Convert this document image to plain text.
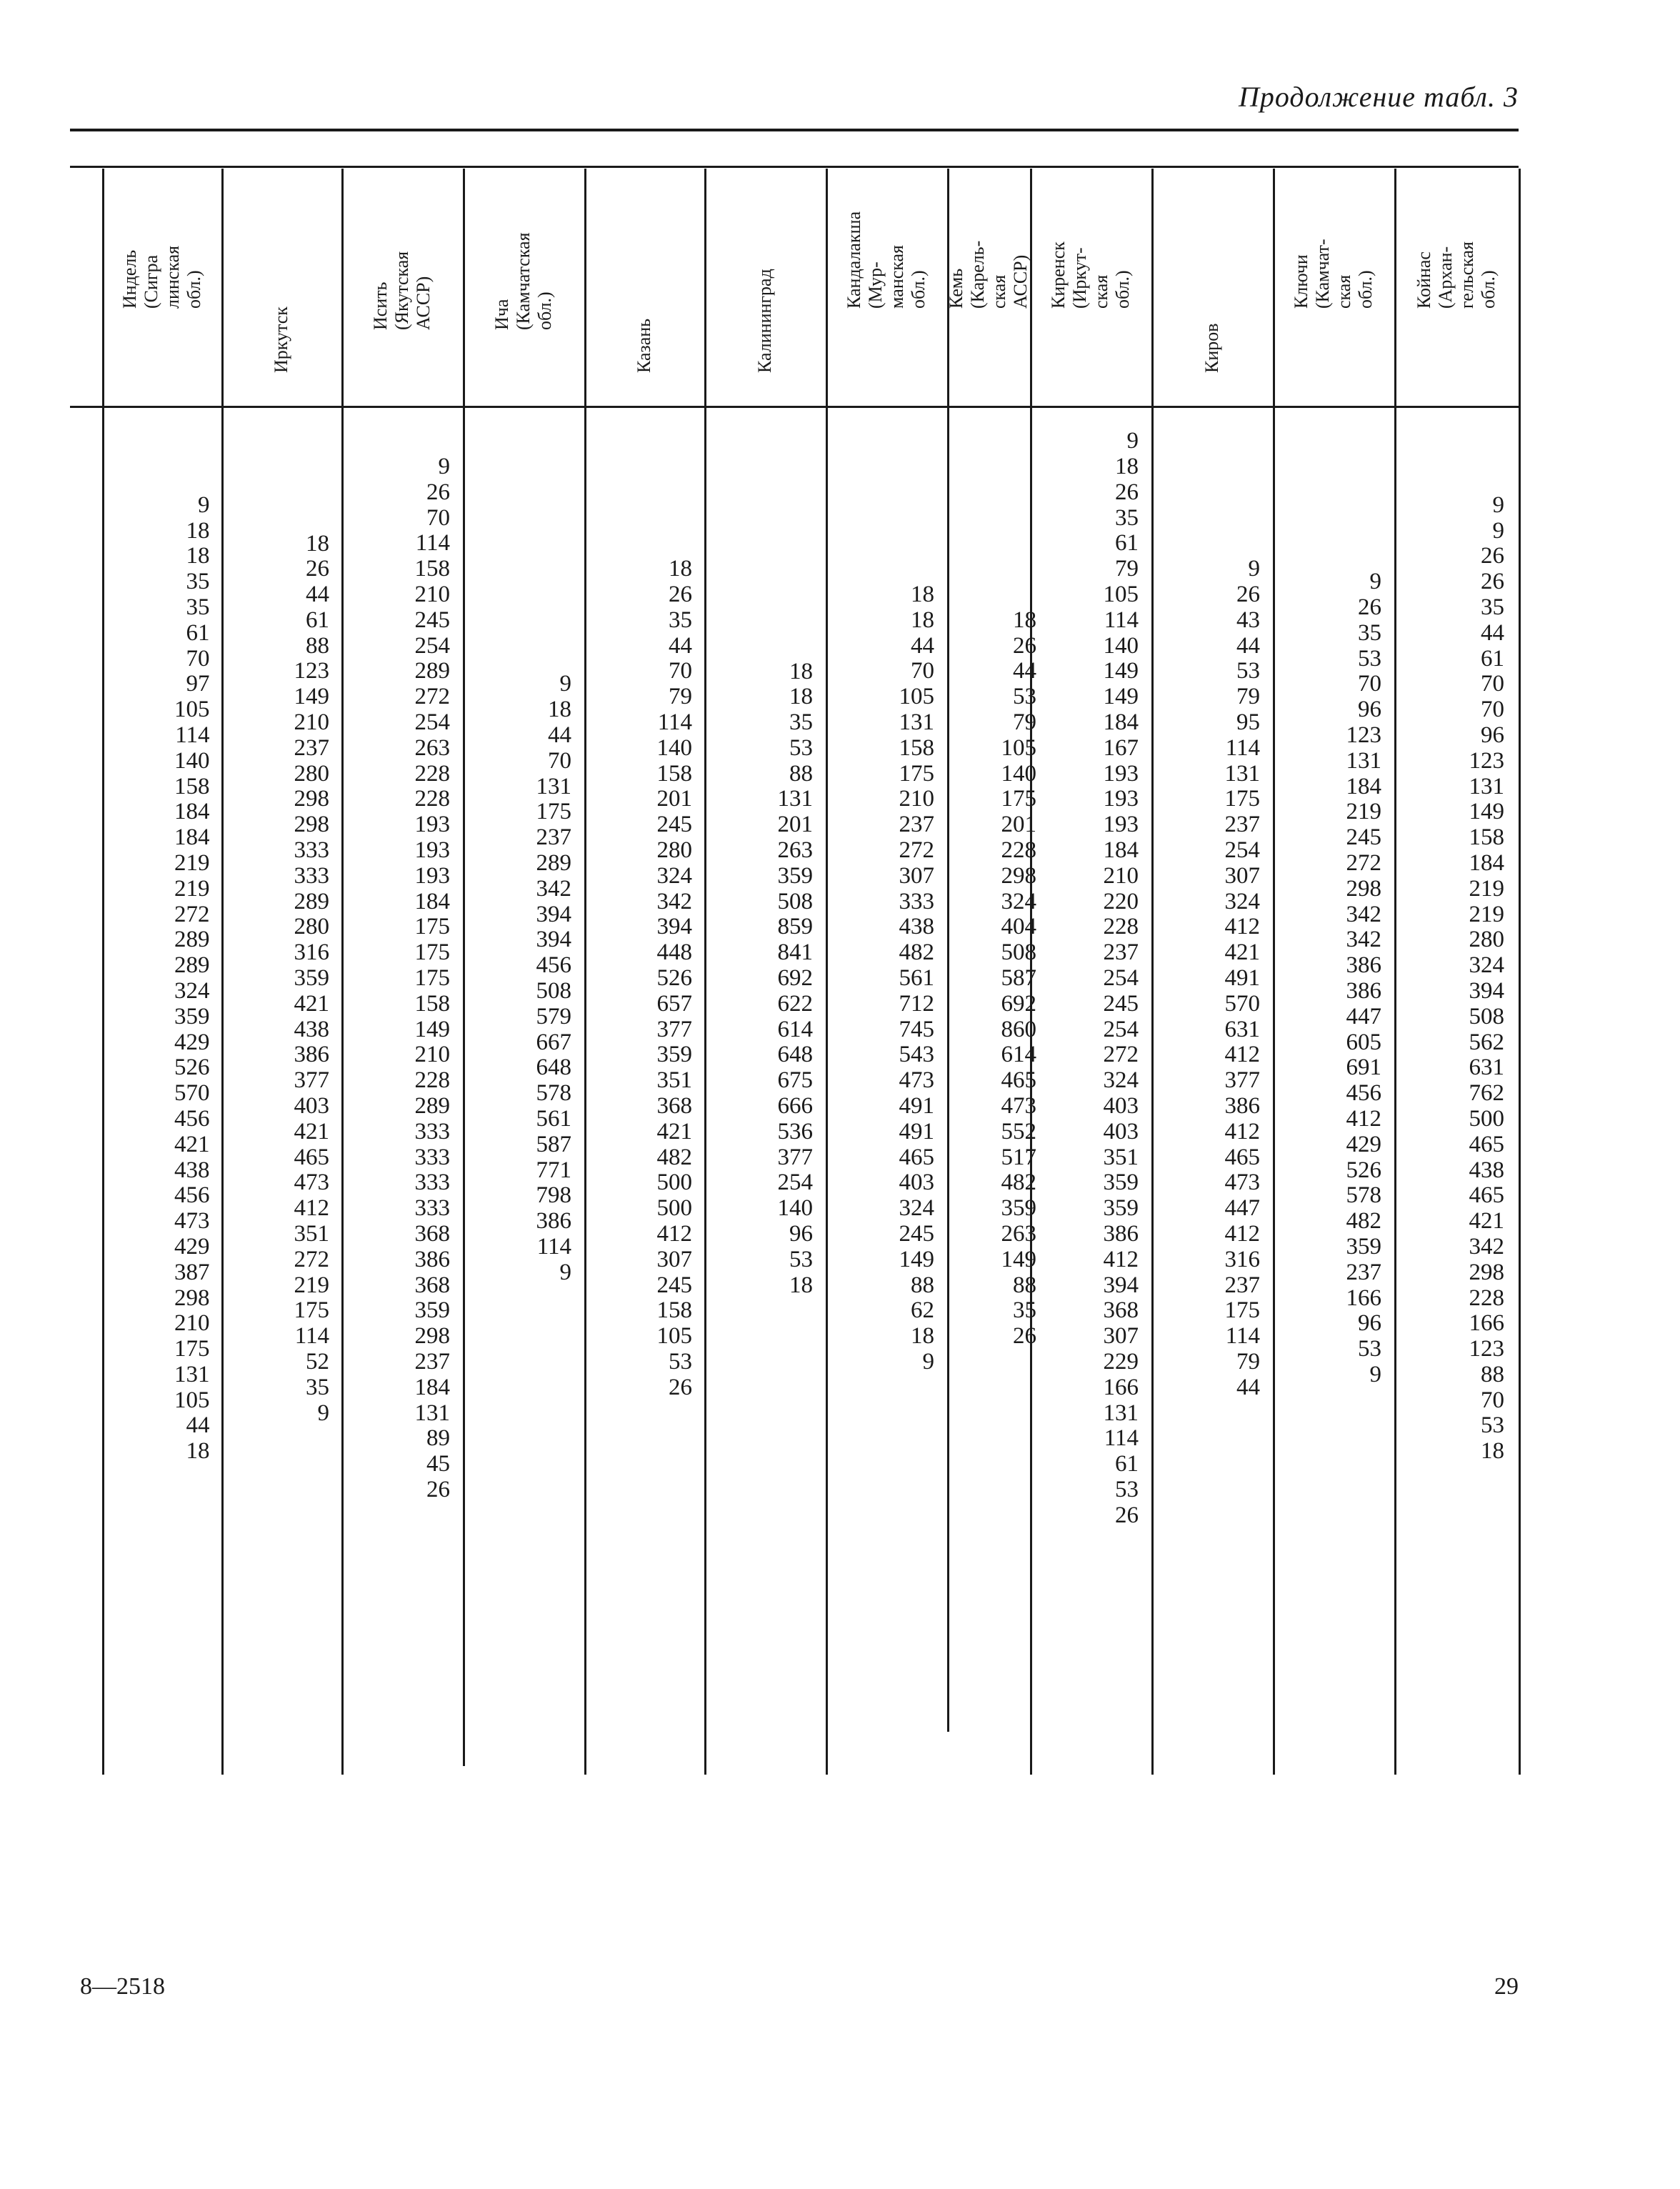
Продолжение табл. 3
Индель (Сигра
линская обл.)
9
18
18
35
35
61
70
97
105
114
140
158
184
184
219
219
272
289
289
324
359
429
526
570
456
421
438
456
473
429
387
298
210
175
131
105
44
18
Иркутск
18
26
44
61
88
123
149
210
237
280
298
298
333
333
289
280
316
359
421
438
386
377
403
421
465
473
412
351
272
219
175
114
52
35
9
Исить (Якутская
АССР)
9
26
70
114
158
210
245
254
289
272
254
263
228
228
193
193
193
184
175
175
175
158
149
210
228
289
333
333
333
333
368
386
368
359
298
237
184
131
89
45
26
Ича (Камчатская
обл.)
9
18
44
70
131
175
237
289
342
394
394
456
508
579
667
648
578
561
587
771
798
386
114
9
Казань
18
26
35
44
70
79
114
140
158
201
245
280
324
342
394
448
526
657
377
359
351
368
421
482
500
500
412
307
245
158
105
53
26
Калининград
18
18
35
53
88
131
201
263
359
508
859
841
692
622
614
648
675
666
536
377
254
140
96
53
18
Кандалакша (Мур-
манская обл.)
18
18
44
70
105
131
158
175
210
237
272
307
333
438
482
561
712
745
543
473
491
491
465
403
324
245
149
88
62
18
9
Кемь (Карель-
ская АССР)
18
26
44
53
79
105
140
175
201
228
298
324
404
508
587
692
860
614
465
473
552
517
482
359
263
149
88
35
26
Киренск (Иркут-
ская обл.)
9
18
26
35
61
79
105
114
140
149
149
184
167
193
193
193
184
210
220
228
237
254
245
254
272
324
403
403
351
359
359
386
412
394
368
307
229
166
131
114
61
53
26
Киров
9
26
43
44
53
79
95
114
131
175
237
254
307
324
412
421
491
570
631
412
377
386
412
465
473
447
412
316
237
175
114
79
44
Ключи (Камчат-
ская обл.)
9
26
35
53
70
96
123
131
184
219
245
272
298
342
342
386
386
447
605
691
456
412
429
526
578
482
359
237
166
96
53
9
Койнас (Архан-
гельская обл.)
9
9
26
26
35
44
61
70
70
96
123
131
149
158
184
219
219
280
324
394
508
562
631
762
500
465
438
465
421
342
298
228
166
123
88
70
53
18
8—2518	29
